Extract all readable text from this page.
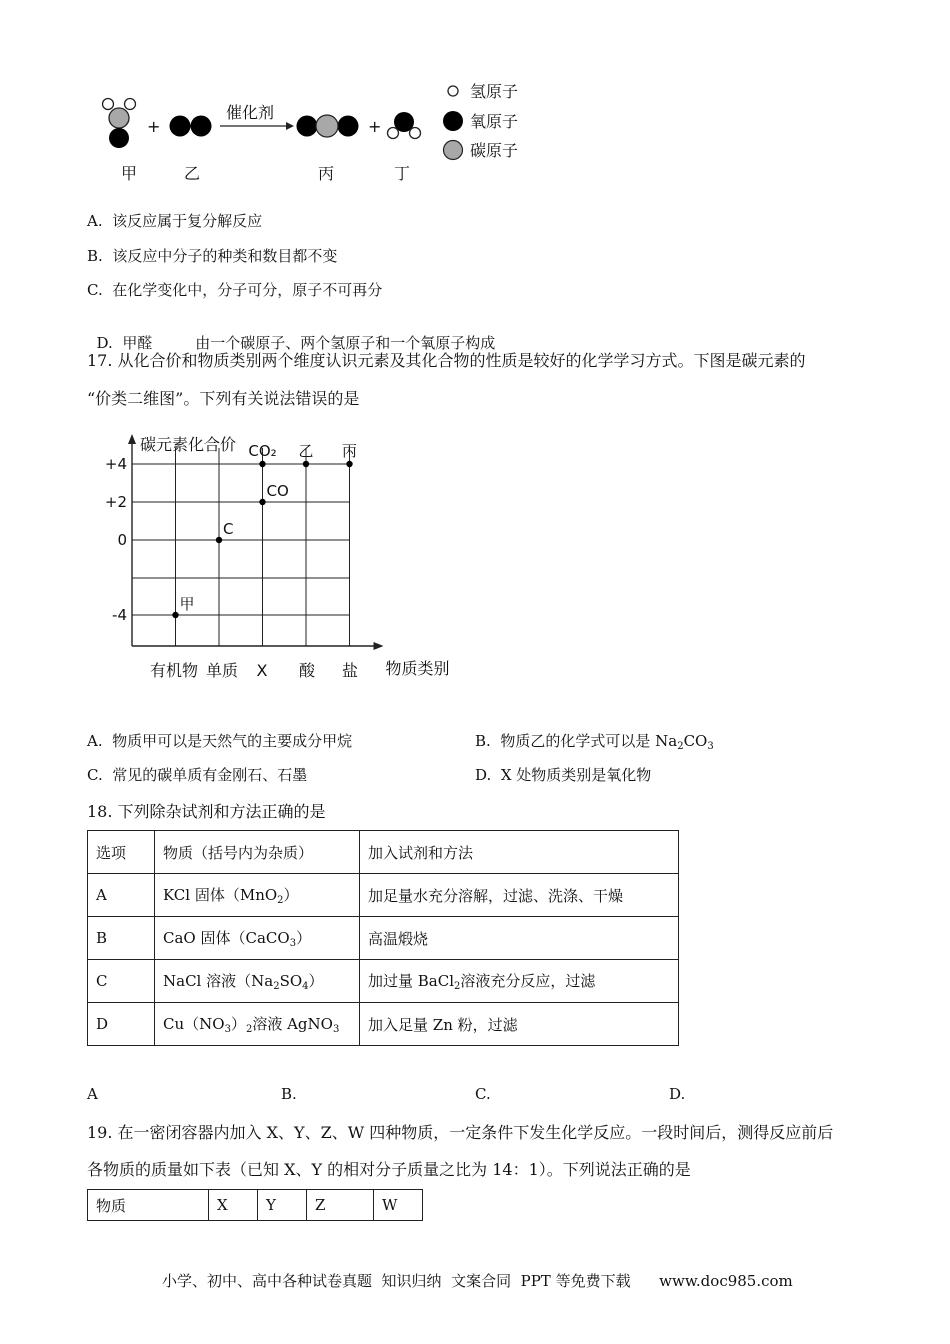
+
催化剂
+
甲	乙	丙	丁
氢原子
氧原子
碳原子
A. 该反应属于复分解反应
B. 该反应中分子的种类和数目都不变
C. 在化学变化中，分子可分，原子不可再分

D. 甲醛         由一个碳原子、两个氢原子和一个氧原子构成

17. 从化合价和物质类别两个维度认识元素及其化合物的性质是较好的化学学习方式。下图是碳元素的
“价类二维图”。下列有关说法错误的是
碳元素化合价
物质类别
+4
+2
0
-4
有机物 单质 X 酸 盐
甲
C
CO
CO₂ 乙 丙
A. 物质甲可以是天然气的主要成分甲烷	B. 物质乙的化学式可以是 $Na_2CO_3$
C. 常见的碳单质有金刚石、石墨	D. X 处物质类别是氧化物
18. 下列除杂试剂和方法正确的是
选项	物质（括号内为杂质）	加入试剂和方法
A	KCl 固体（MnO$_2$）	加足量水充分溶解，过滤、洗涤、干燥
B	CaO 固体（CaCO$_3$）	高温煅烧
C	NaCl 溶液$(Na_2SO_4)$	加过量 BaCl$_2$溶液充分反应，过滤
D	$Cu(NO_3)_2$溶液 AgNO$_3$	加入足量 Zn 粉，过滤
A	B.	C.	D.
19. 在一密闭容器内加入 X、Y、Z、W 四种物质，一定条件下发生化学反应。一段时间后，测得反应前后
各物质的质量如下表（已知 X、Y 的相对分子质量之比为 14：1）。下列说法正确的是
物质	X	Y	Z	W
小学、初中、高中各种试卷真题  知识归纳  文案合同  PPT 等免费下载      www.doc985.com
